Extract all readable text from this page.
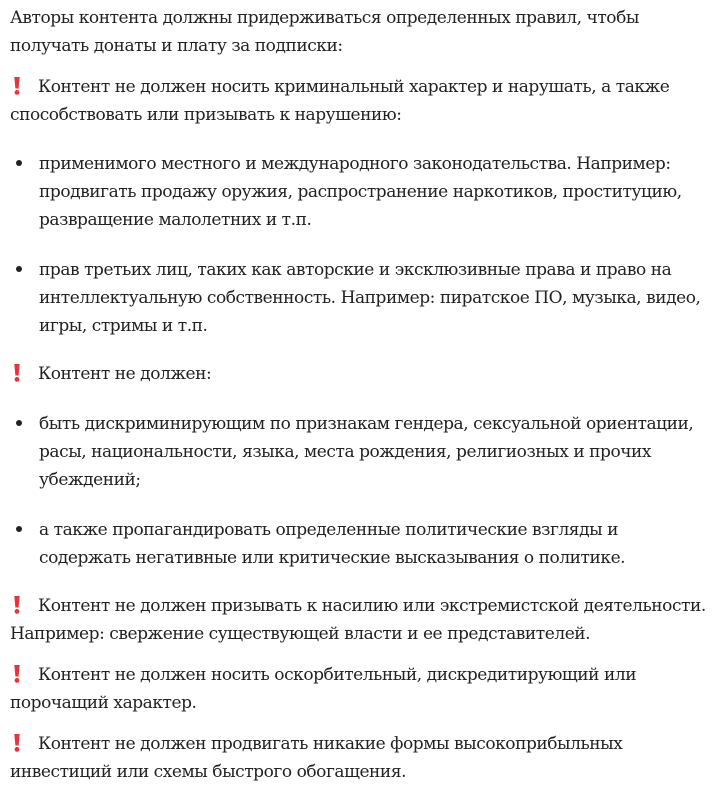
Авторы контента должны придерживаться определенных правил, чтобы получать донаты и плату за подписки:

Контент не должен носить криминальный характер и нарушать, а также способствовать или призывать к нарушению:

применимого местного и международного законодательства. Например: продвигать продажу оружия, распространение наркотиков, проституцию, развращение малолетних и т.п.
прав третьих лиц, таких как авторские и эксклюзивные права и право на интеллектуальную собственность. Например: пиратское ПО, музыка, видео, игры, стримы и т.п.

Контент не должен:

быть дискриминирующим по признакам гендера, сексуальной ориентации, расы, национальности, языка, места рождения, религиозных и прочих убеждений;
а также пропагандировать определенные политические взгляды и содержать негативные или критические высказывания о политике.

Контент не должен призывать к насилию или экстремистской деятельности. Например: свержение существующей власти и ее представителей.

Контент не должен носить оскорбительный, дискредитирующий или порочащий характер.

Контент не должен продвигать никакие формы высокоприбыльных инвестиций или схемы быстрого обогащения.
